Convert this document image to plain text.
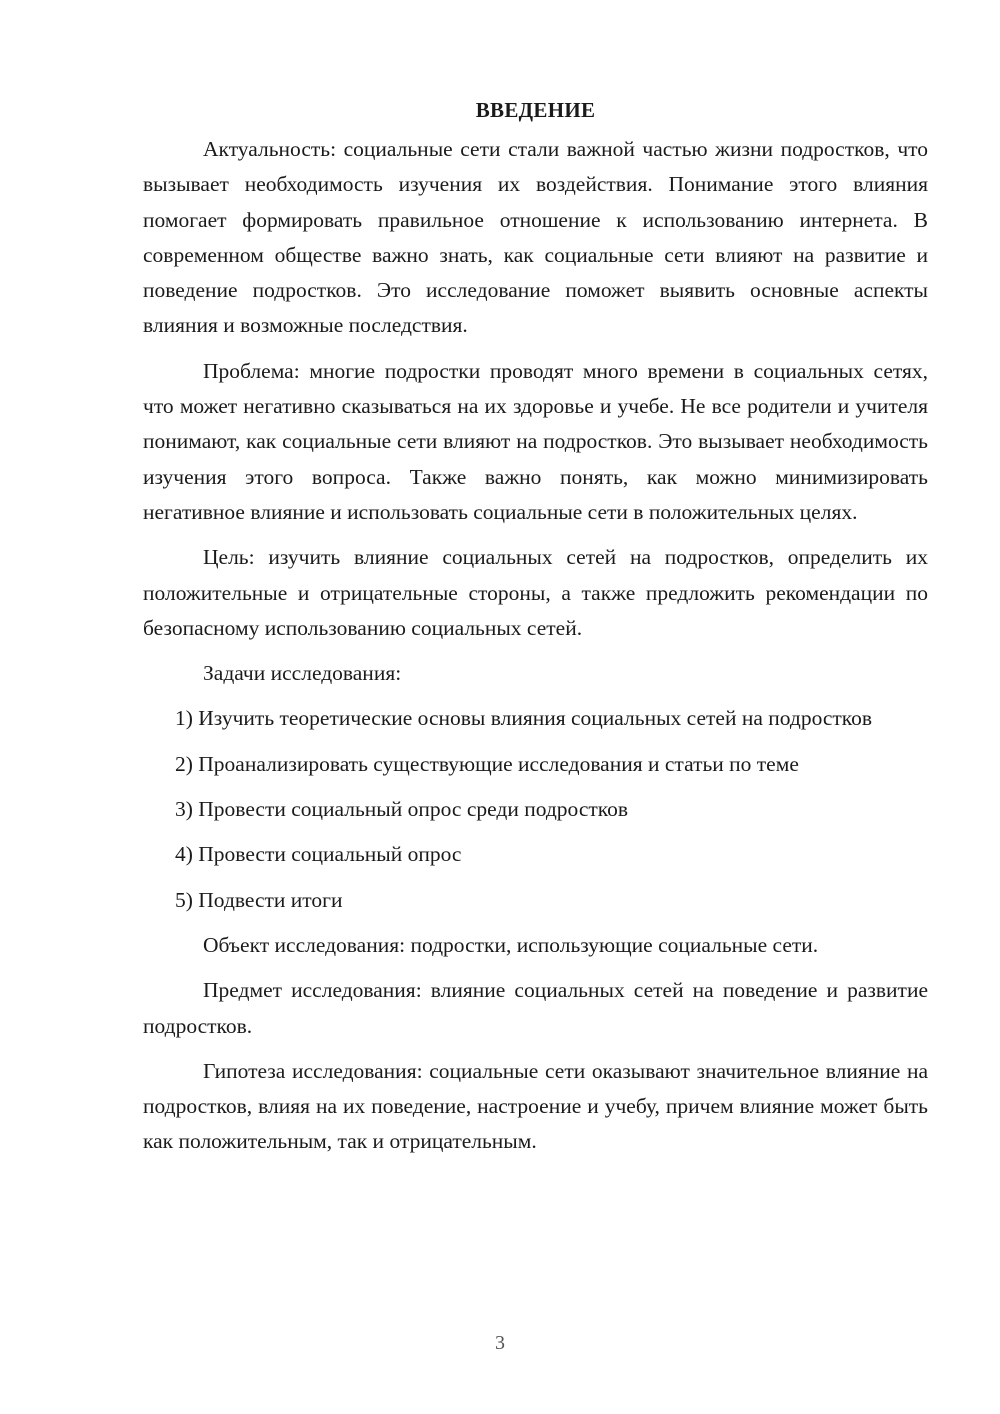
ВВЕДЕНИЕ

Актуальность: социальные сети стали важной частью жизни подростков, что вызывает необходимость изучения их воздействия. Понимание этого влияния помогает формировать правильное отношение к использованию интернета. В современном обществе важно знать, как социальные сети влияют на развитие и поведение подростков. Это исследование поможет выявить основные аспекты влияния и возможные последствия.

Проблема: многие подростки проводят много времени в социальных сетях, что может негативно сказываться на их здоровье и учебе. Не все родители и учителя понимают, как социальные сети влияют на подростков. Это вызывает необходимость изучения этого вопроса. Также важно понять, как можно минимизировать негативное влияние и использовать социальные сети в положительных целях.

Цель: изучить влияние социальных сетей на подростков, определить их положительные и отрицательные стороны, а также предложить рекомендации по безопасному использованию социальных сетей.

Задачи исследования:

1) Изучить теоретические основы влияния социальных сетей на подростков

2) Проанализировать существующие исследования и статьи по теме

3) Провести социальный опрос среди подростков

4) Провести социальный опрос

5) Подвести итоги

Объект исследования: подростки, использующие социальные сети.

Предмет исследования: влияние социальных сетей на поведение и развитие подростков.

Гипотеза исследования: социальные сети оказывают значительное влияние на подростков, влияя на их поведение, настроение и учебу, причем влияние может быть как положительным, так и отрицательным.

3
